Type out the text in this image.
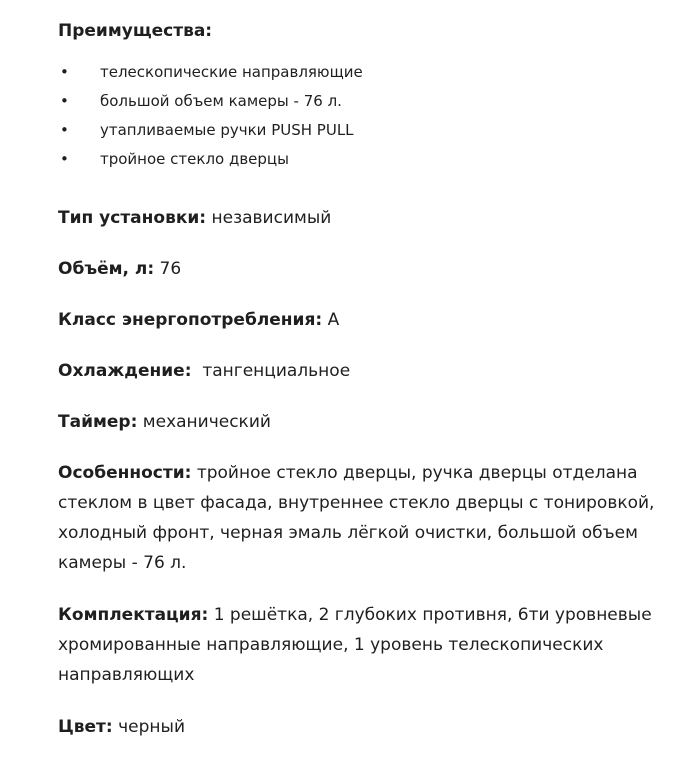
Преимущества:

• телескопические направляющие
• большой объем камеры - 76 л.
• утапливаемые ручки PUSH PULL
• тройное стекло дверцы

Тип установки: независимый

Объём, л: 76

Класс энергопотребления: А

Охлаждение:  тангенциальное

Таймер: механический

Особенности: тройное стекло дверцы, ручка дверцы отделана стеклом в цвет фасада, внутреннее стекло дверцы с тонировкой, холодный фронт, черная эмаль лёгкой очистки, большой объем камеры - 76 л.

Комплектация: 1 решётка, 2 глубоких противня, 6ти уровневые хромированные направляющие, 1 уровень телескопических направляющих

Цвет: черный
